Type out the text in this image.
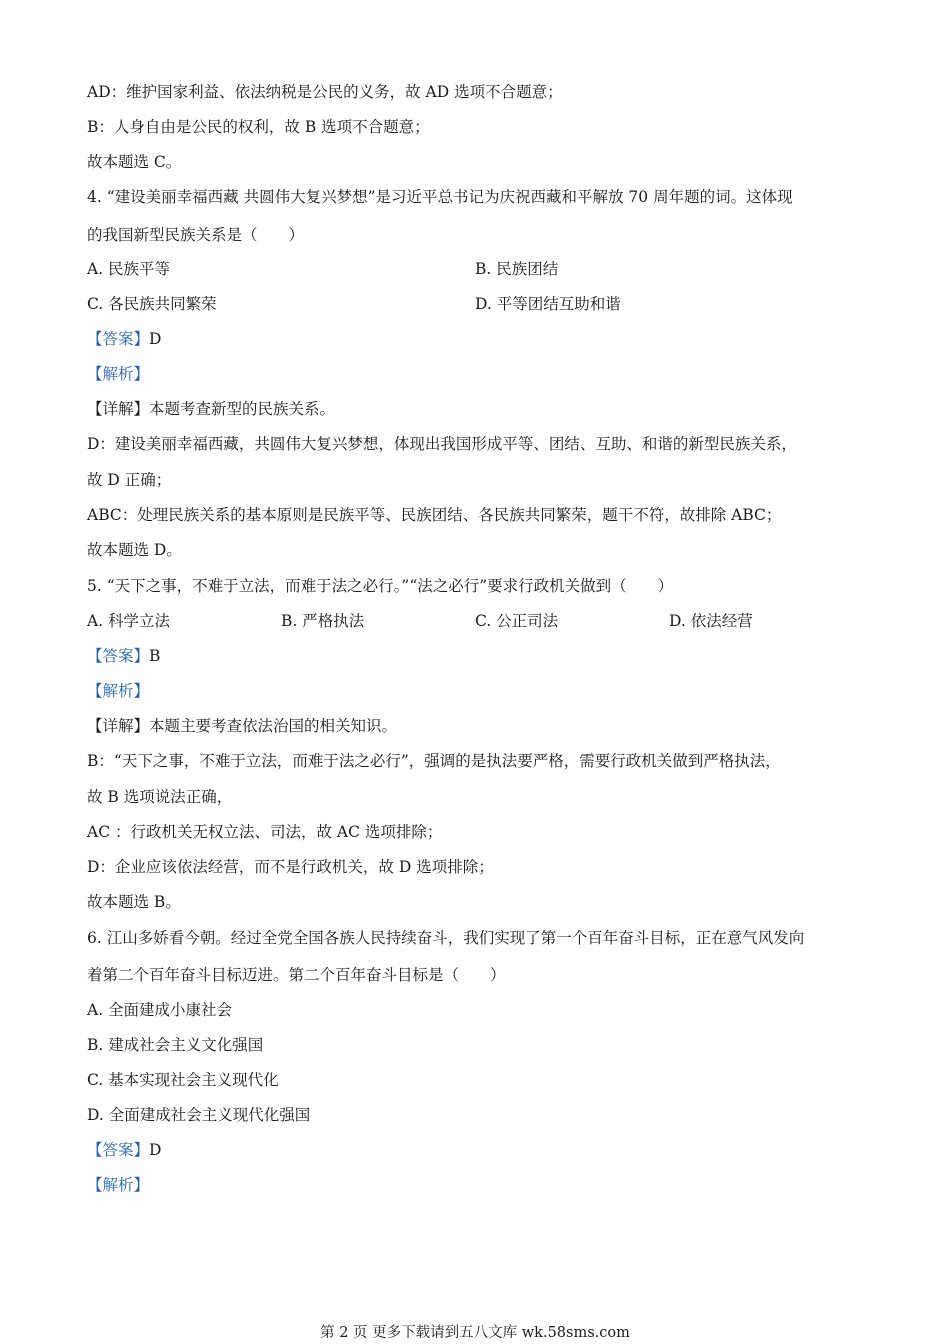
AD：维护国家利益、依法纳税是公民的义务，故 AD 选项不合题意；
B：人身自由是公民的权利，故 B 选项不合题意；
故本题选 C。
4. “建设美丽幸福西藏 共圆伟大复兴梦想”是习近平总书记为庆祝西藏和平解放 70 周年题的词。这体现
的我国新型民族关系是（　　）
A. 民族平等	B. 民族团结
C. 各民族共同繁荣	D. 平等团结互助和谐
【答案】D
【解析】
【详解】本题考查新型的民族关系。
D：建设美丽幸福西藏，共圆伟大复兴梦想，体现出我国形成平等、团结、互助、和谐的新型民族关系，
故 D 正确；
ABC：处理民族关系的基本原则是民族平等、民族团结、各民族共同繁荣，题干不符，故排除 ABC；
故本题选 D。
5. “天下之事，不难于立法，而难于法之必行。”“法之必行”要求行政机关做到（　　）
A. 科学立法	B. 严格执法	C. 公正司法	D. 依法经营
【答案】B
【解析】
【详解】本题主要考查依法治国的相关知识。
B：“天下之事，不难于立法，而难于法之必行”，强调的是执法要严格，需要行政机关做到严格执法，
故 B 选项说法正确，
AC ：行政机关无权立法、司法，故 AC 选项排除；
D：企业应该依法经营，而不是行政机关，故 D 选项排除；
故本题选 B。
6. 江山多娇看今朝。经过全党全国各族人民持续奋斗，我们实现了第一个百年奋斗目标，正在意气风发向
着第二个百年奋斗目标迈进。第二个百年奋斗目标是（　　）
A. 全面建成小康社会
B. 建成社会主义文化强国
C. 基本实现社会主义现代化
D. 全面建成社会主义现代化强国
【答案】D
【解析】
第 2 页 更多下载请到五八文库 wk.58sms.com
